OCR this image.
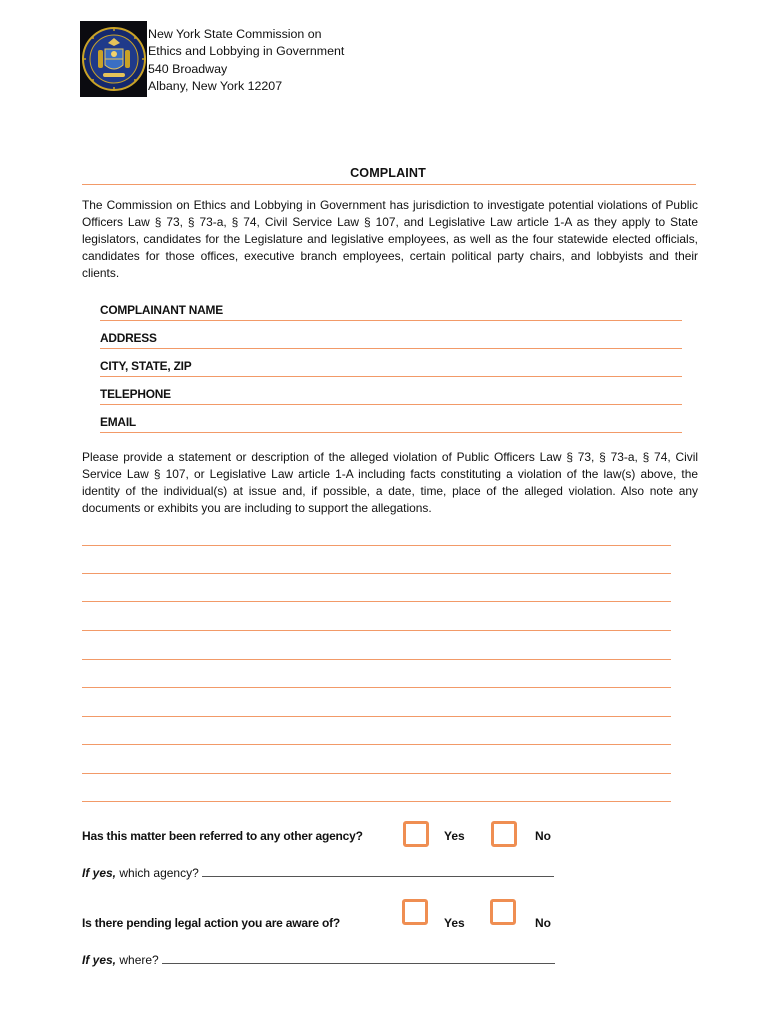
New York State Commission on
Ethics and Lobbying in Government
540 Broadway
Albany, New York 12207
COMPLAINT
The Commission on Ethics and Lobbying in Government has jurisdiction to investigate potential violations of Public Officers Law § 73, § 73-a, § 74, Civil Service Law § 107, and Legislative Law article 1-A as they apply to State legislators, candidates for the Legislature and legislative employees, as well as the four statewide elected officials, candidates for those offices, executive branch employees, certain political party chairs, and lobbyists and their clients.
COMPLAINANT NAME
ADDRESS
CITY, STATE, ZIP
TELEPHONE
EMAIL
Please provide a statement or description of the alleged violation of Public Officers Law § 73, § 73-a, § 74, Civil Service Law § 107, or Legislative Law article 1-A including facts constituting a violation of the law(s) above, the identity of the individual(s) at issue and, if possible, a date, time, place of the alleged violation. Also note any documents or exhibits you are including to support the allegations.
Has this matter been referred to any other agency?	Yes	No
If yes, which agency?
Is there pending legal action you are aware of?	Yes	No
If yes, where?
